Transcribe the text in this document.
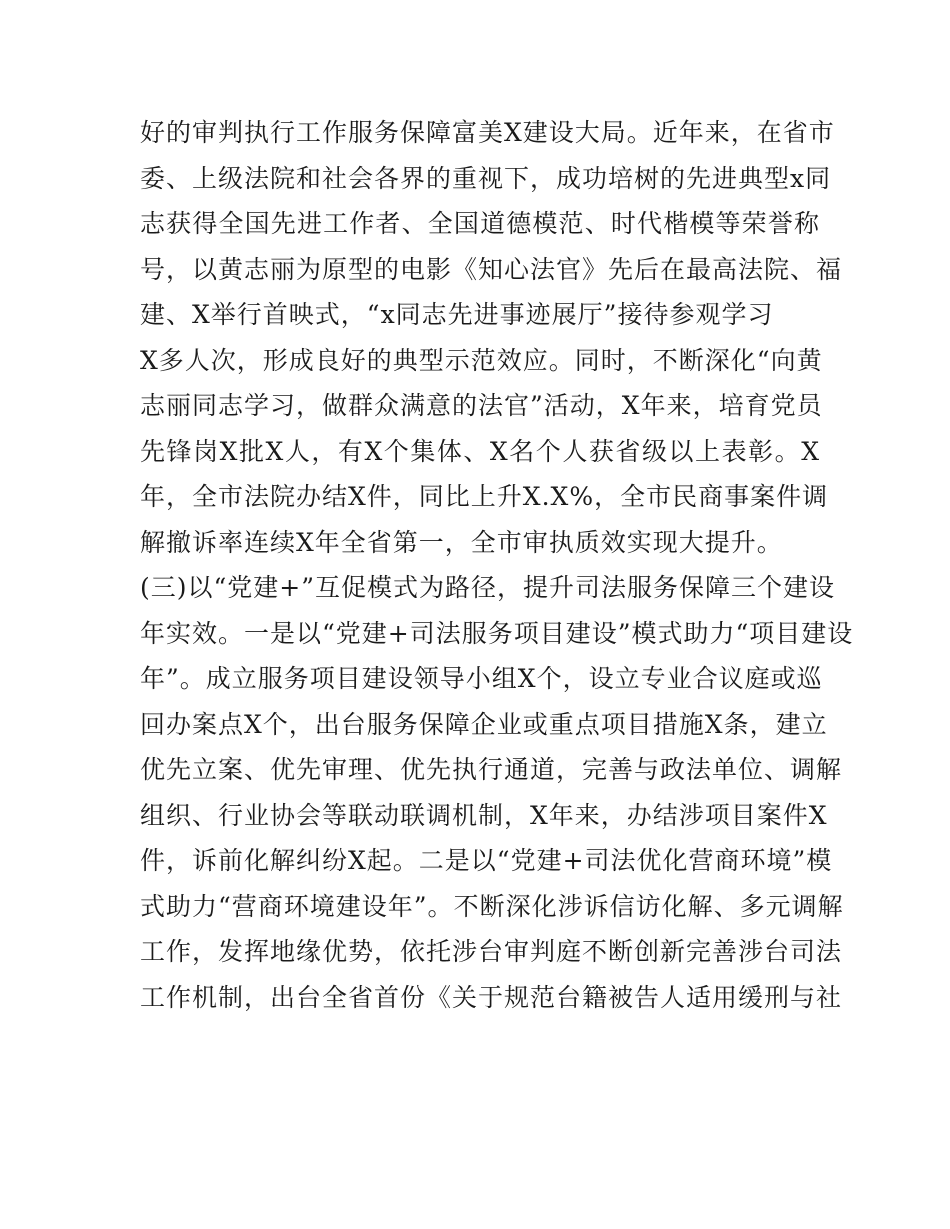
好的审判执行工作服务保障富美X建设大局。近年来，在省市
委、上级法院和社会各界的重视下，成功培树的先进典型x同
志获得全国先进工作者、全国道德模范、时代楷模等荣誉称
号，以黄志丽为原型的电影《知心法官》先后在最高法院、福
建、X举行首映式，“x同志先进事迹展厅”接待参观学习
X多人次，形成良好的典型示范效应。同时，不断深化“向黄
志丽同志学习，做群众满意的法官”活动，X年来，培育党员
先锋岗X批X人，有X个集体、X名个人获省级以上表彰。X
年，全市法院办结X件，同比上升X.X%，全市民商事案件调
解撤诉率连续X年全省第一，全市审执质效实现大提升。
(三)以“党建+”互促模式为路径，提升司法服务保障三个建设
年实效。一是以“党建+司法服务项目建设”模式助力“项目建设
年”。成立服务项目建设领导小组X个，设立专业合议庭或巡
回办案点X个，出台服务保障企业或重点项目措施X条，建立
优先立案、优先审理、优先执行通道，完善与政法单位、调解
组织、行业协会等联动联调机制，X年来，办结涉项目案件X
件，诉前化解纠纷X起。二是以“党建+司法优化营商环境”模
式助力“营商环境建设年”。不断深化涉诉信访化解、多元调解
工作，发挥地缘优势，依托涉台审判庭不断创新完善涉台司法
工作机制，出台全省首份《关于规范台籍被告人适用缓刑与社
